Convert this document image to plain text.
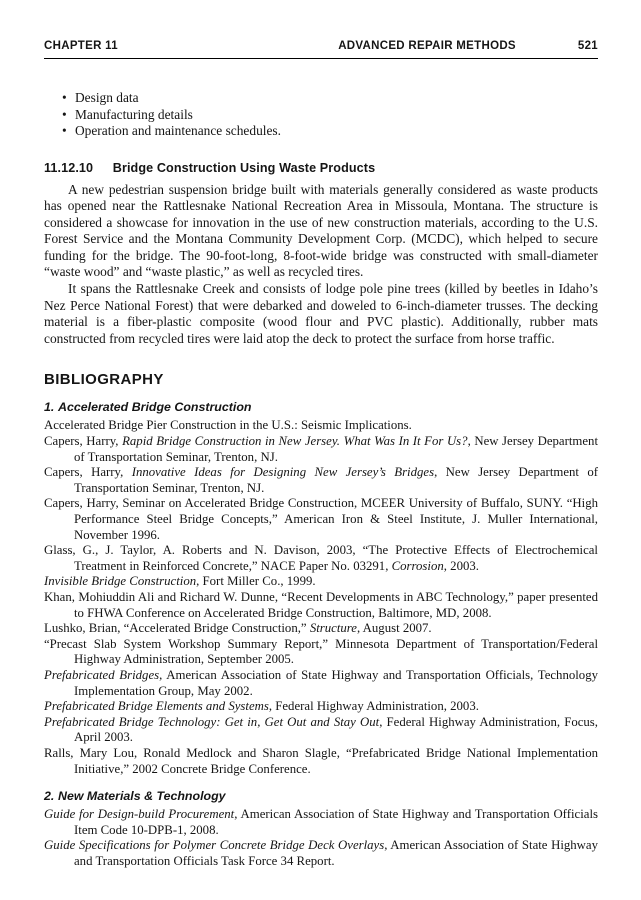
CHAPTER 11	ADVANCED REPAIR METHODS	521
• Design data
• Manufacturing details
• Operation and maintenance schedules.
11.12.10 Bridge Construction Using Waste Products

A new pedestrian suspension bridge built with materials generally considered as waste products has opened near the Rattlesnake National Recreation Area in Missoula, Montana. The structure is considered a showcase for innovation in the use of new construction materials, according to the U.S. Forest Service and the Montana Community Development Corp. (MCDC), which helped to secure funding for the bridge. The 90-foot-long, 8-foot-wide bridge was constructed with small-diameter “waste wood” and “waste plastic,” as well as recycled tires.

It spans the Rattlesnake Creek and consists of lodge pole pine trees (killed by beetles in Idaho’s Nez Perce National Forest) that were debarked and doweled to 6-inch-diameter trusses. The decking material is a fiber-plastic composite (wood flour and PVC plastic). Additionally, rubber mats constructed from recycled tires were laid atop the deck to protect the surface from horse traffic.

BIBLIOGRAPHY
1. Accelerated Bridge Construction
Accelerated Bridge Pier Construction in the U.S.: Seismic Implications.
Capers, Harry, Rapid Bridge Construction in New Jersey. What Was In It For Us?, New Jersey Department of Transportation Seminar, Trenton, NJ.
Capers, Harry, Innovative Ideas for Designing New Jersey’s Bridges, New Jersey Department of Transportation Seminar, Trenton, NJ.
Capers, Harry, Seminar on Accelerated Bridge Construction, MCEER University of Buffalo, SUNY. “High Performance Steel Bridge Concepts,” American Iron & Steel Institute, J. Muller International, November 1996.
Glass, G., J. Taylor, A. Roberts and N. Davison, 2003, “The Protective Effects of Electrochemical Treatment in Reinforced Concrete,” NACE Paper No. 03291, Corrosion, 2003.
Invisible Bridge Construction, Fort Miller Co., 1999.
Khan, Mohiuddin Ali and Richard W. Dunne, “Recent Developments in ABC Technology,” paper presented to FHWA Conference on Accelerated Bridge Construction, Baltimore, MD, 2008.
Lushko, Brian, “Accelerated Bridge Construction,” Structure, August 2007.
“Precast Slab System Workshop Summary Report,” Minnesota Department of Transportation/Federal Highway Administration, September 2005.
Prefabricated Bridges, American Association of State Highway and Transportation Officials, Technology Implementation Group, May 2002.
Prefabricated Bridge Elements and Systems, Federal Highway Administration, 2003.
Prefabricated Bridge Technology: Get in, Get Out and Stay Out, Federal Highway Administration, Focus, April 2003.
Ralls, Mary Lou, Ronald Medlock and Sharon Slagle, “Prefabricated Bridge National Implementation Initiative,” 2002 Concrete Bridge Conference.
2. New Materials & Technology
Guide for Design-build Procurement, American Association of State Highway and Transportation Officials Item Code 10-DPB-1, 2008.
Guide Specifications for Polymer Concrete Bridge Deck Overlays, American Association of State Highway and Transportation Officials Task Force 34 Report.
